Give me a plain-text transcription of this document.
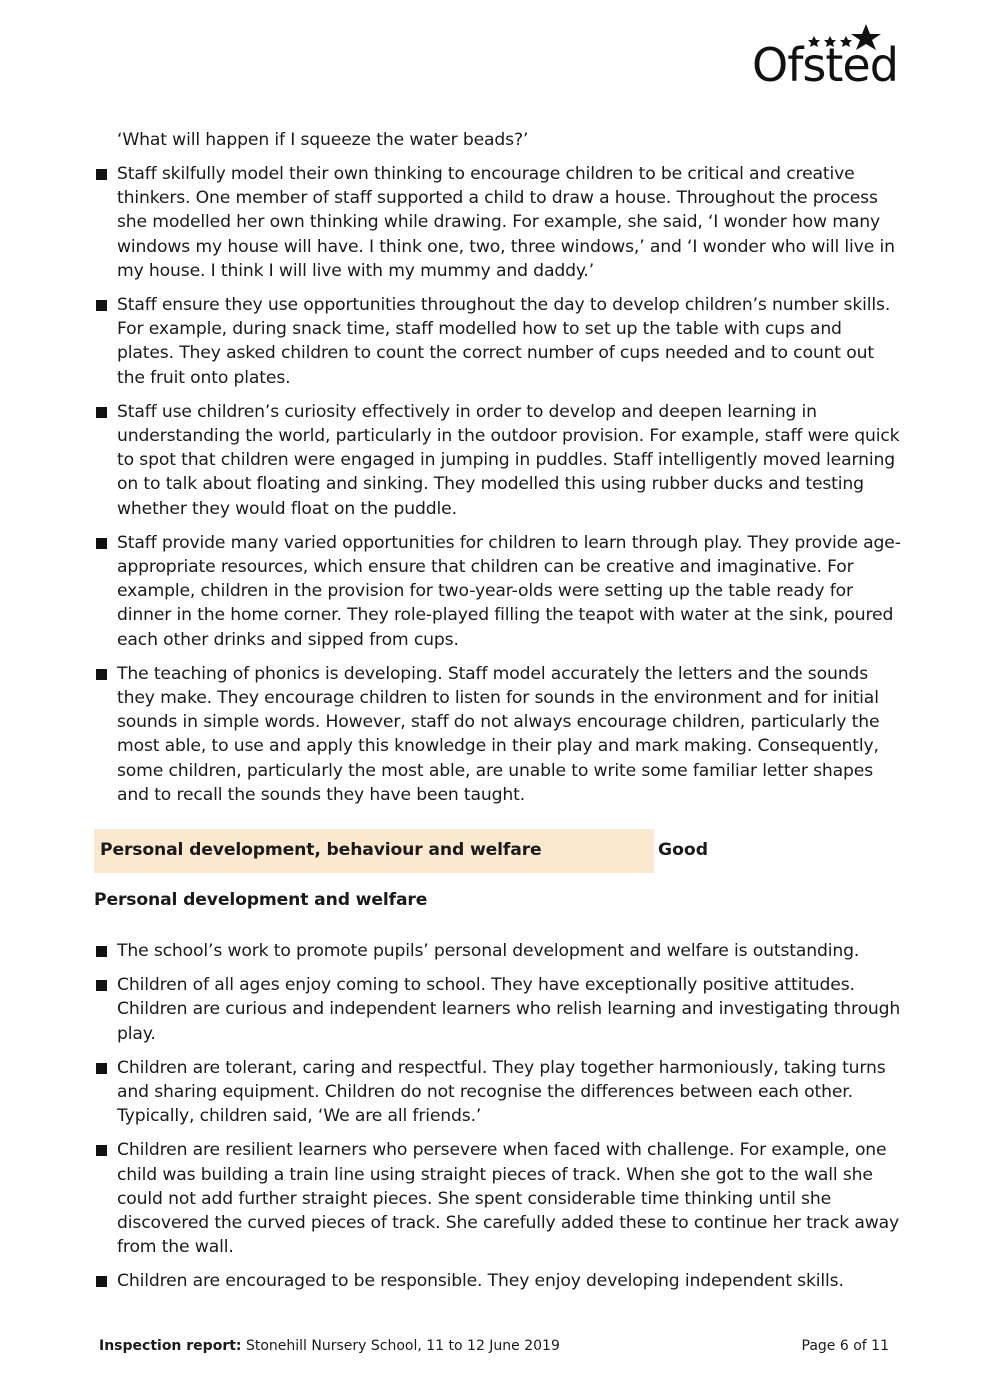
Ofsted
‘What will happen if I squeeze the water beads?’
Staff skilfully model their own thinking to encourage children to be critical and creative thinkers. One member of staff supported a child to draw a house. Throughout the process she modelled her own thinking while drawing. For example, she said, ‘I wonder how many windows my house will have. I think one, two, three windows,’ and ‘I wonder who will live in my house. I think I will live with my mummy and daddy.’
Staff ensure they use opportunities throughout the day to develop children’s number skills. For example, during snack time, staff modelled how to set up the table with cups and plates. They asked children to count the correct number of cups needed and to count out the fruit onto plates.
Staff use children’s curiosity effectively in order to develop and deepen learning in understanding the world, particularly in the outdoor provision. For example, staff were quick to spot that children were engaged in jumping in puddles. Staff intelligently moved learning on to talk about floating and sinking. They modelled this using rubber ducks and testing whether they would float on the puddle.
Staff provide many varied opportunities for children to learn through play. They provide age-appropriate resources, which ensure that children can be creative and imaginative. For example, children in the provision for two-year-olds were setting up the table ready for dinner in the home corner. They role-played filling the teapot with water at the sink, poured each other drinks and sipped from cups.
The teaching of phonics is developing. Staff model accurately the letters and the sounds they make. They encourage children to listen for sounds in the environment and for initial sounds in simple words. However, staff do not always encourage children, particularly the most able, to use and apply this knowledge in their play and mark making. Consequently, some children, particularly the most able, are unable to write some familiar letter shapes and to recall the sounds they have been taught.
Personal development, behaviour and welfare	Good
Personal development and welfare
The school’s work to promote pupils’ personal development and welfare is outstanding.
Children of all ages enjoy coming to school. They have exceptionally positive attitudes. Children are curious and independent learners who relish learning and investigating through play.
Children are tolerant, caring and respectful. They play together harmoniously, taking turns and sharing equipment. Children do not recognise the differences between each other. Typically, children said, ‘We are all friends.’
Children are resilient learners who persevere when faced with challenge. For example, one child was building a train line using straight pieces of track. When she got to the wall she could not add further straight pieces. She spent considerable time thinking until she discovered the curved pieces of track. She carefully added these to continue her track away from the wall.
Children are encouraged to be responsible. They enjoy developing independent skills.
Inspection report: Stonehill Nursery School, 11 to 12 June 2019	Page 6 of 11
